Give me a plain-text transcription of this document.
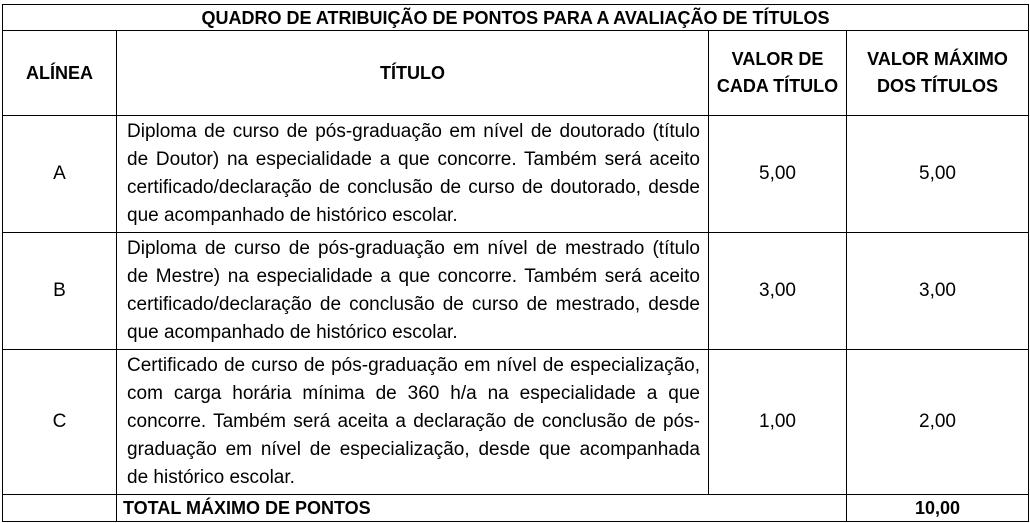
QUADRO DE ATRIBUIÇÃO DE PONTOS PARA A AVALIAÇÃO DE TÍTULOS			
ALÍNEA	TÍTULO	VALOR DE CADA TÍTULO	VALOR MÁXIMO DOS TÍTULOS
A	Diploma de curso de pós-graduação em nível de doutorado (título de Doutor) na especialidade a que concorre. Também será aceito certificado/declaração de conclusão de curso de doutorado, desde que acompanhado de histórico escolar.	5,00	5,00
B	Diploma de curso de pós-graduação em nível de mestrado (título de Mestre) na especialidade a que concorre. Também será aceito certificado/declaração de conclusão de curso de mestrado, desde que acompanhado de histórico escolar.	3,00	3,00
C	Certificado de curso de pós-graduação em nível de especialização, com carga horária mínima de 360 h/a na especialidade a que concorre. Também será aceita a declaração de conclusão de pós-graduação em nível de especialização, desde que acompanhada de histórico escolar.	1,00	2,00
	TOTAL MÁXIMO DE PONTOS		10,00
